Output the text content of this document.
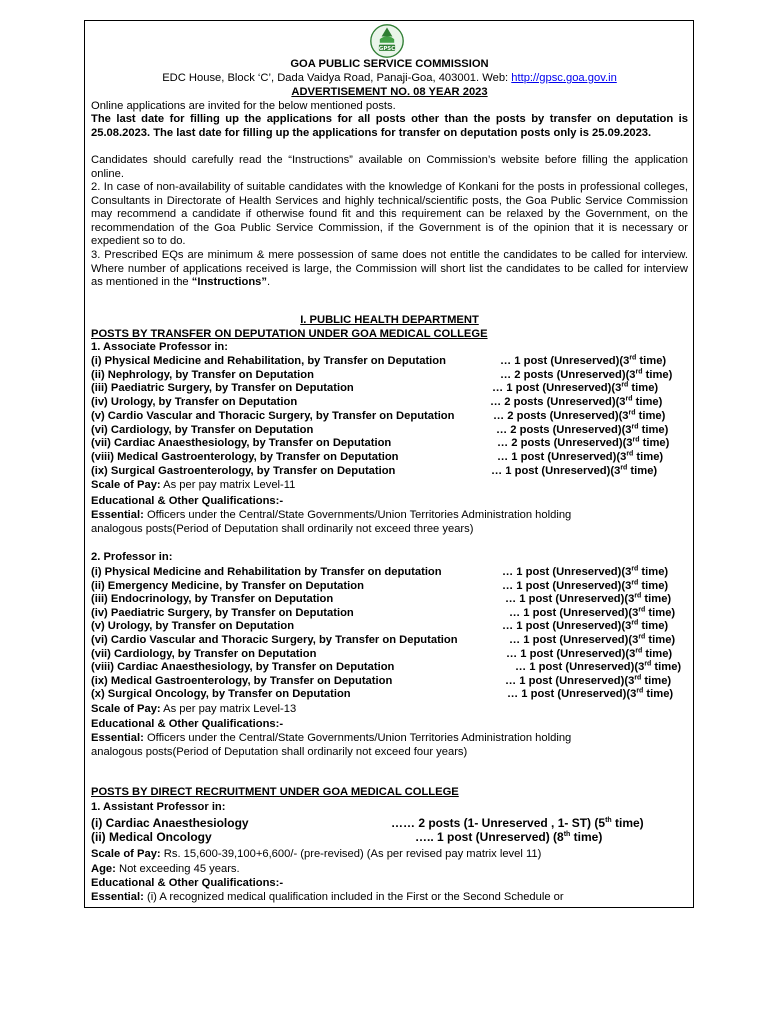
GPSC
GOA PUBLIC SERVICE COMMISSION
EDC House, Block ‘C’, Dada Vaidya Road, Panaji-Goa, 403001. Web: http://gpsc.goa.gov.in
ADVERTISEMENT NO. 08 YEAR 2023
Online applications are invited for the below mentioned posts.
The last date for filling up the applications for all posts other than the posts by transfer on deputation is 25.08.2023. The last date for filling up the applications for transfer on deputation posts only is 25.09.2023.
Candidates should carefully read the “Instructions” available on Commission’s website before filling the application online.
2. In case of non-availability of suitable candidates with the knowledge of Konkani for the posts in professional colleges, Consultants in Directorate of Health Services and highly technical/scientific posts, the Goa Public Service Commission may recommend a candidate if otherwise found fit and this requirement can be relaxed by the Government, on the recommendation of the Goa Public Service Commission, if the Government is of the opinion that it is necessary or expedient so to do.
3. Prescribed EQs are minimum & mere possession of same does not entitle the candidates to be called for interview. Where number of applications received is large, the Commission will short list the candidates to be called for interview as mentioned in the “Instructions”.
I. PUBLIC HEALTH DEPARTMENT
POSTS BY TRANSFER ON DEPUTATION UNDER GOA MEDICAL COLLEGE
1. Associate Professor in:
(i) Physical Medicine and Rehabilitation, by Transfer on Deputation	… 1 post (Unreserved)(3rd time)
(ii) Nephrology, by Transfer on Deputation	… 2 posts (Unreserved)(3rd time)
(iii) Paediatric Surgery, by Transfer on Deputation	… 1 post (Unreserved)(3rd time)
(iv) Urology, by Transfer on Deputation	… 2 posts (Unreserved)(3rd time)
(v) Cardio Vascular and Thoracic Surgery, by Transfer on Deputation	… 2 posts (Unreserved)(3rd time)
(vi) Cardiology, by Transfer on Deputation	… 2 posts (Unreserved)(3rd time)
(vii) Cardiac Anaesthesiology, by Transfer on Deputation	… 2 posts (Unreserved)(3rd time)
(viii) Medical Gastroenterology, by Transfer on Deputation	… 1 post (Unreserved)(3rd time)
(ix) Surgical Gastroenterology, by Transfer on Deputation	… 1 post (Unreserved)(3rd time)
Scale of Pay: As per pay matrix Level-11
Educational & Other Qualifications:-
Essential: Officers under the Central/State Governments/Union Territories Administration holding
analogous posts(Period of Deputation shall ordinarily not exceed three years)
2. Professor in:
(i) Physical Medicine and Rehabilitation by Transfer on deputation	… 1 post (Unreserved)(3rd time)
(ii) Emergency Medicine, by Transfer on Deputation	… 1 post (Unreserved)(3rd time)
(iii) Endocrinology, by Transfer on Deputation	… 1 post (Unreserved)(3rd time)
(iv) Paediatric Surgery, by Transfer on Deputation	… 1 post (Unreserved)(3rd time)
(v) Urology, by Transfer on Deputation	… 1 post (Unreserved)(3rd time)
(vi) Cardio Vascular and Thoracic Surgery, by Transfer on Deputation	… 1 post (Unreserved)(3rd time)
(vii) Cardiology, by Transfer on Deputation	… 1 post (Unreserved)(3rd time)
(viii) Cardiac Anaesthesiology, by Transfer on Deputation	… 1 post (Unreserved)(3rd time)
(ix) Medical Gastroenterology, by Transfer on Deputation	… 1 post (Unreserved)(3rd time)
(x) Surgical Oncology, by Transfer on Deputation	… 1 post (Unreserved)(3rd time)
Scale of Pay: As per pay matrix Level-13
Educational & Other Qualifications:-
Essential: Officers under the Central/State Governments/Union Territories Administration holding
analogous posts(Period of Deputation shall ordinarily not exceed four years)
POSTS BY DIRECT RECRUITMENT UNDER GOA MEDICAL COLLEGE
1. Assistant Professor in:
(i) Cardiac Anaesthesiology	…… 2 posts (1- Unreserved , 1- ST) (5th time)
(ii) Medical Oncology	….. 1 post (Unreserved) (8th time)
Scale of Pay: Rs. 15,600-39,100+6,600/- (pre-revised) (As per revised pay matrix level 11)
Age: Not exceeding 45 years.
Educational & Other Qualifications:-
Essential: (i) A recognized medical qualification included in the First or the Second Schedule or
